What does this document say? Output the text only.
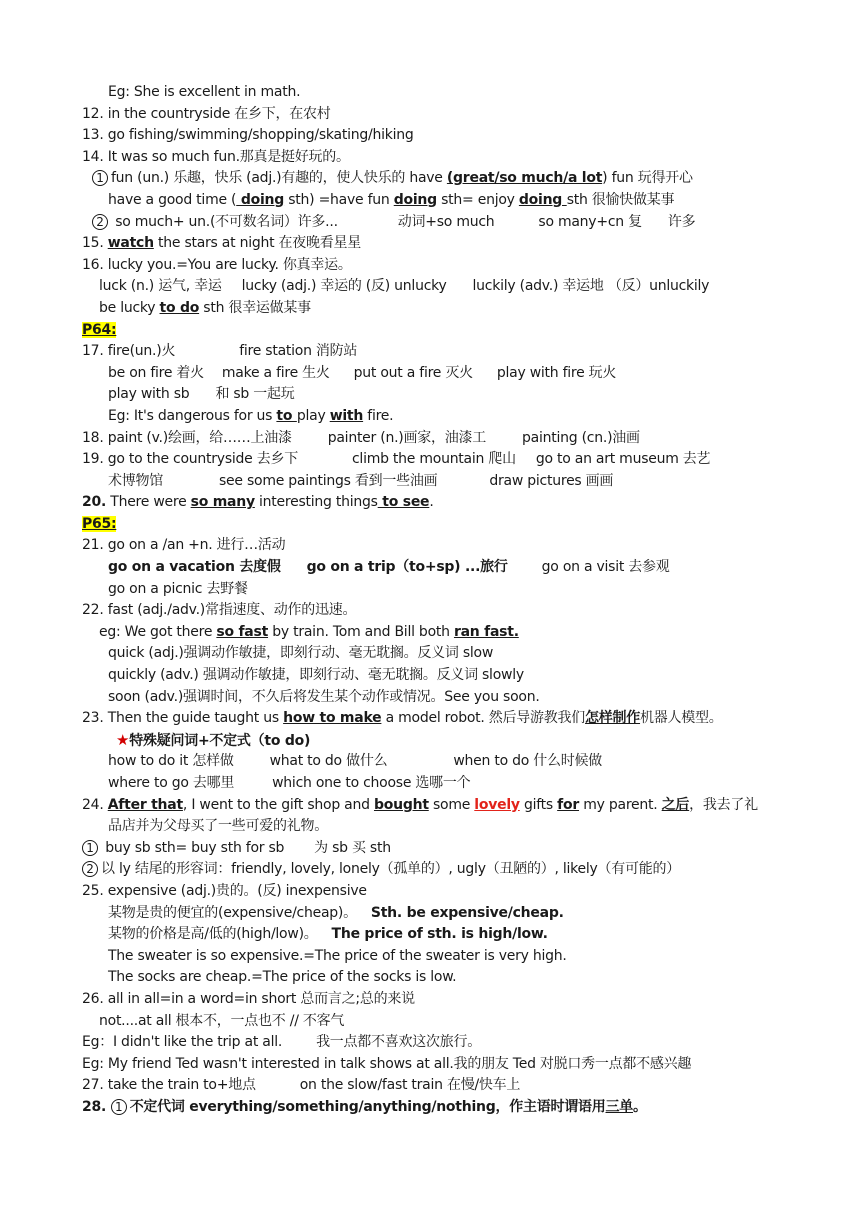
Eg: She is excellent in math.
12. in the countryside 在乡下，在农村
13. go fishing/swimming/shopping/skating/hiking
14. It was so much fun.那真是挺好玩的。
1 fun (un.) 乐趣，快乐 (adj.)有趣的，使人快乐的 have (great/so much/a lot) fun 玩得开心
have a good time ( doing sth) =have fun doing sth= enjoy doing sth 很愉快做某事
2 so much+ un.(不可数名词）许多...	动词+so much	so many+cn 复 许多
15. watch the stars at night 在夜晚看星星
16. lucky you.=You are lucky. 你真幸运。
luck (n.) 运气, 幸运 lucky (adj.) 幸运的 (反) unlucky luckily (adv.) 幸运地 （反）unluckily
be lucky to do sth 很幸运做某事
P64:
17. fire(un.)火	fire station 消防站
be on fire 着火 make a fire 生火 put out a fire 灭火 play with fire 玩火
play with sb 和 sb 一起玩
Eg: It's dangerous for us to play with fire.
18. paint (v.)绘画，给……上油漆	painter (n.)画家，油漆工	painting (cn.)油画
19. go to the countryside 去乡下	climb the mountain 爬山 go to an art museum 去艺
术博物馆	see some paintings 看到一些油画	draw pictures 画画
20. There were so many interesting things to see.
P65:
21. go on a /an +n. 进行…活动
go on a vacation 去度假 go on a trip（to+sp) ...旅行 go on a visit 去参观
go on a picnic 去野餐
22. fast (adj./adv.)常指速度、动作的迅速。
eg: We got there so fast by train. Tom and Bill both ran fast.
quick (adj.)强调动作敏捷，即刻行动、毫无耽搁。反义词 slow
quickly (adv.) 强调动作敏捷，即刻行动、毫无耽搁。反义词 slowly
soon (adv.)强调时间，不久后将发生某个动作或情况。See you soon.
23. Then the guide taught us how to make a model robot. 然后导游教我们怎样制作机器人模型。
★特殊疑问词+不定式（to do)
how to do it 怎样做	what to do 做什么	when to do 什么时候做
where to go 去哪里	which one to choose 选哪一个
24. After that, I went to the gift shop and bought some lovely gifts for my parent. 之后，我去了礼
品店并为父母买了一些可爱的礼物。
1 buy sb sth= buy sth for sb 为 sb 买 sth
2 以 ly 结尾的形容词：friendly, lovely, lonely（孤单的）, ugly（丑陋的）, likely（有可能的）
25. expensive (adj.)贵的。(反) inexpensive
某物是贵的便宜的(expensive/cheap)。 Sth. be expensive/cheap.
某物的价格是高/低的(high/low)。 The price of sth. is high/low.
The sweater is so expensive.=The price of the sweater is very high.
The socks are cheap.=The price of the socks is low.
26. all in all=in a word=in short 总而言之;总的来说
not....at all 根本不，一点也不 // 不客气
Eg：I didn't like the trip at all. 我一点都不喜欢这次旅行。
Eg: My friend Ted wasn't interested in talk shows at all.我的朋友 Ted 对脱口秀一点都不感兴趣
27. take the train to+地点	on the slow/fast train 在慢/快车上
28. 1 不定代词 everything/something/anything/nothing，作主语时谓语用三单。
